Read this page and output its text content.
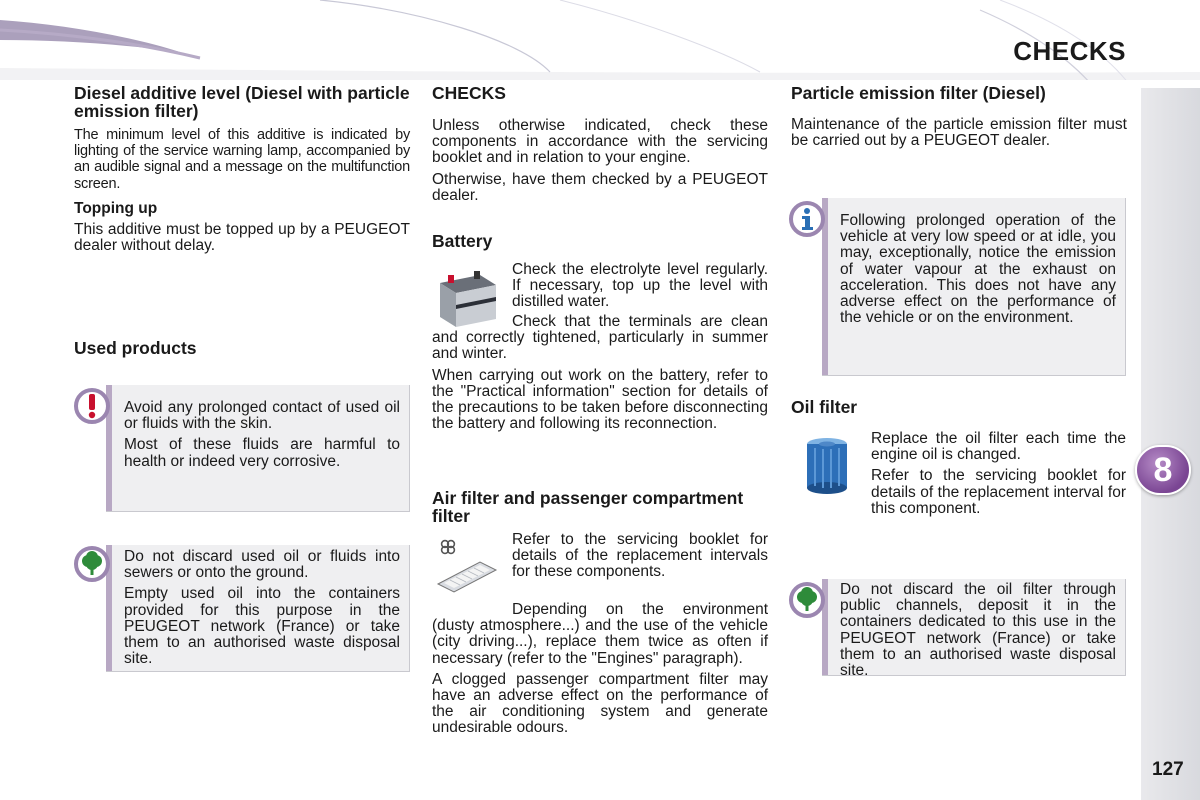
CHECKS
8
127
Diesel additive level (Diesel with particle emission filter)

The minimum level of this additive is indicated by lighting of the service warning lamp, accompanied by an audible signal and a message on the multifunction screen.

Topping up

This additive must be topped up by a PEUGEOT dealer without delay.

Used products

Avoid any prolonged contact of used oil or fluids with the skin.

Most of these fluids are harmful to health or indeed very corrosive.

Do not discard used oil or fluids into sewers or onto the ground.

Empty used oil into the containers provided for this purpose in the PEUGEOT network (France) or take them to an authorised waste disposal site.

CHECKS

Unless otherwise indicated, check these components in accordance with the servicing booklet and in relation to your engine.

Otherwise, have them checked by a PEUGEOT dealer.

Battery

Check the electrolyte level regularly. If necessary, top up the level with distilled water.

Check that the terminals are clean and correctly tightened, particularly in summer and winter.

When carrying out work on the battery, refer to the "Practical information" section for details of the precautions to be taken before disconnecting the battery and following its reconnection.

Air filter and passenger compartment filter

Refer to the servicing booklet for details of the replacement intervals for these components.

Depending on the environment (dusty atmosphere...) and the use of the vehicle (city driving...), replace them twice as often if necessary (refer to the "Engines" paragraph).

A clogged passenger compartment filter may have an adverse effect on the performance of the air conditioning system and generate undesirable odours.

Particle emission filter (Diesel)

Maintenance of the particle emission filter must be carried out by a PEUGEOT dealer.

Following prolonged operation of the vehicle at very low speed or at idle, you may, exceptionally, notice the emission of water vapour at the exhaust on acceleration. This does not have any adverse effect on the performance of the vehicle or on the environment.

Oil filter

Replace the oil filter each time the engine oil is changed.

Refer to the servicing booklet for details of the replacement interval for this component.

Do not discard the oil filter through public channels, deposit it in the containers dedicated to this use in the PEUGEOT network (France) or take them to an authorised waste disposal site.
